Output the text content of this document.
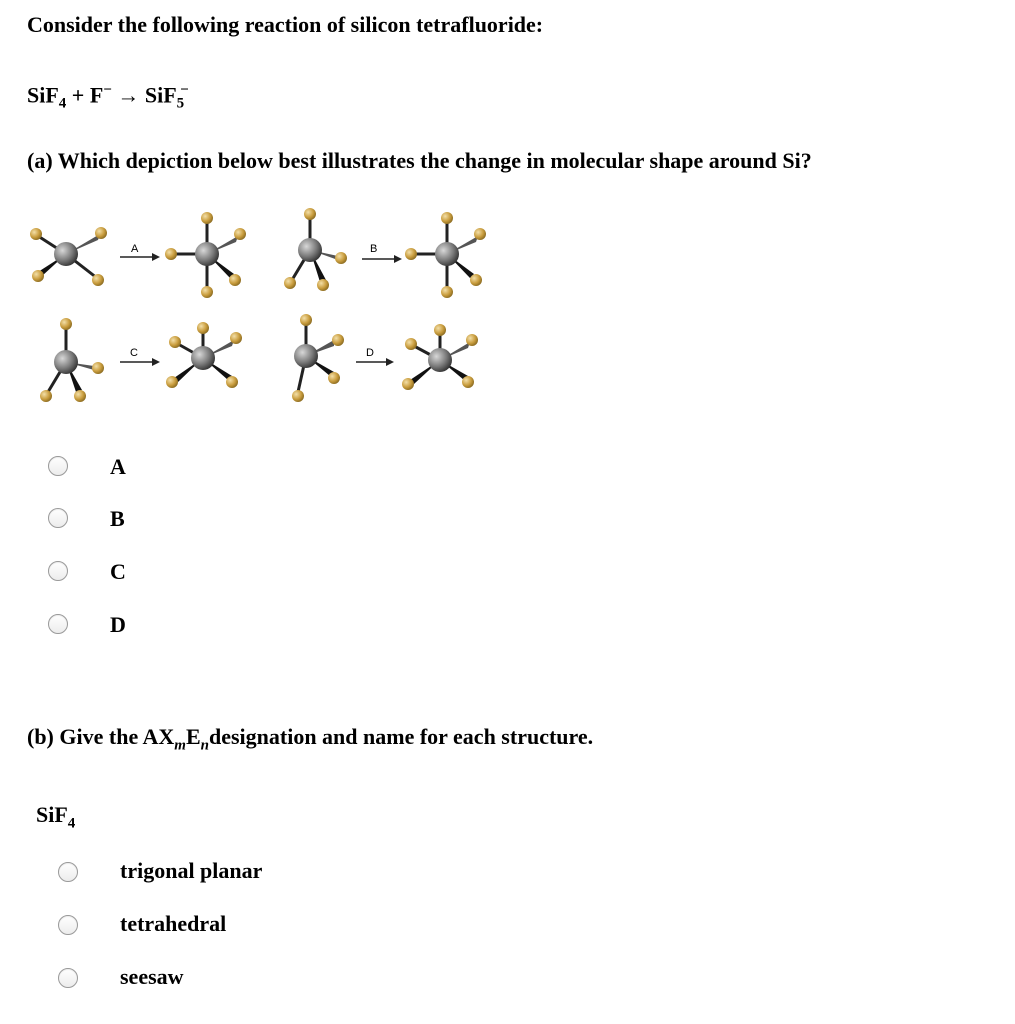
Consider the following reaction of silicon tetrafluoride:
SiF$_4$ + F− → SiF$_5$−
(a) Which depiction below best illustrates the change in molecular shape around Si?
A	B
C	D
A
B
C
D
(b) Give the $AX_mE_ndesignation$ and name for each structure.
SiF$_4$
trigonal planar
tetrahedral
seesaw
